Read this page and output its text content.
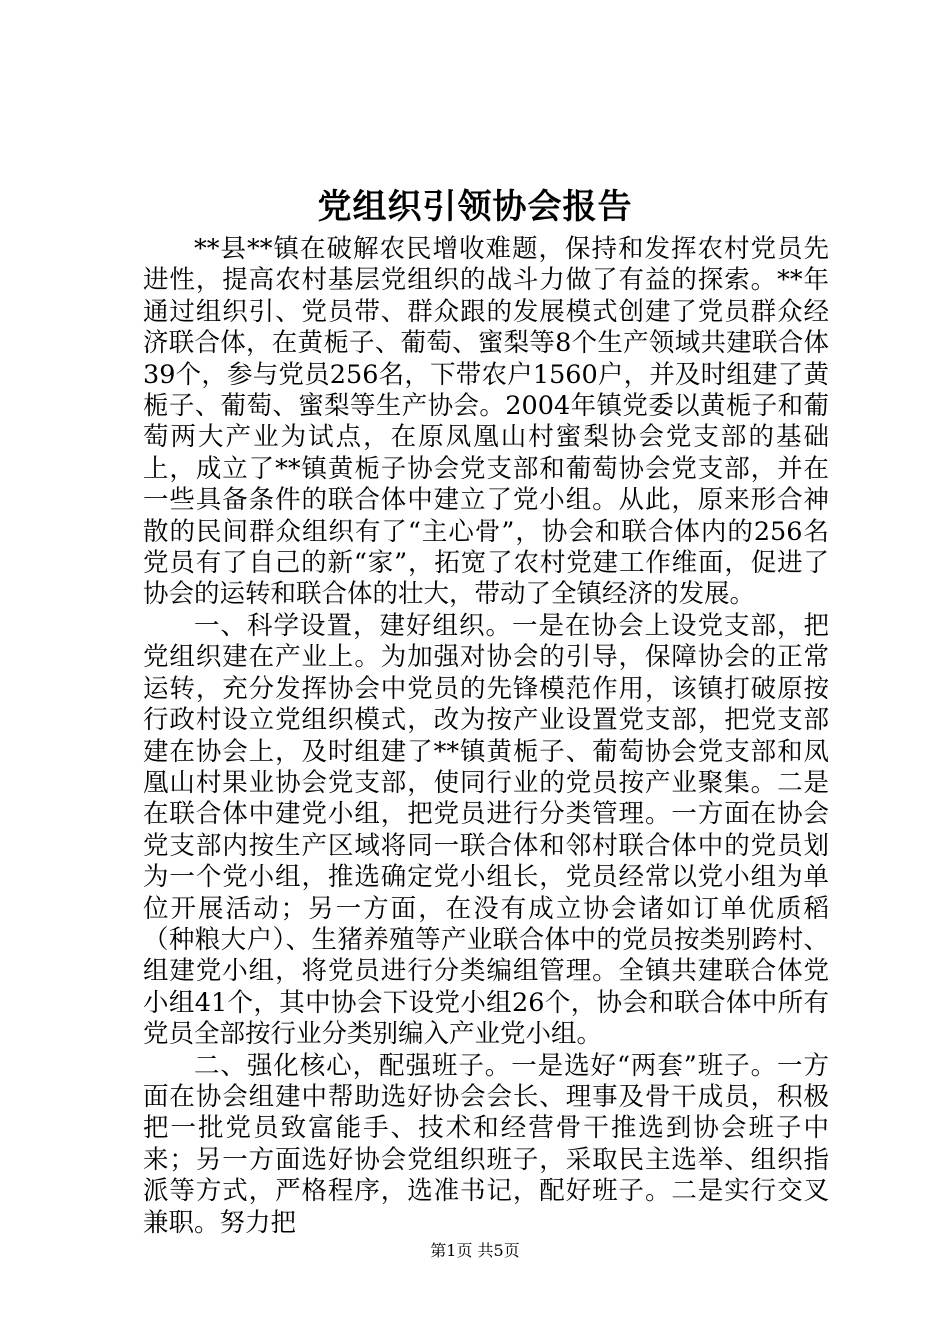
党组织引领协会报告

**县**镇在破解农民增收难题，保持和发挥农村党员先进性，提高农村基层党组织的战斗力做了有益的探索。**年通过组织引、党员带、群众跟的发展模式创建了党员群众经济联合体，在黄栀子、葡萄、蜜梨等8个生产领域共建联合体39个，参与党员256名，下带农户1560户，并及时组建了黄栀子、葡萄、蜜梨等生产协会。2004年镇党委以黄栀子和葡萄两大产业为试点，在原凤凰山村蜜梨协会党支部的基础上，成立了**镇黄栀子协会党支部和葡萄协会党支部，并在一些具备条件的联合体中建立了党小组。从此，原来形合神散的民间群众组织有了“主心骨”，协会和联合体内的256名党员有了自己的新“家”，拓宽了农村党建工作维面，促进了协会的运转和联合体的壮大，带动了全镇经济的发展。

一、科学设置，建好组织。一是在协会上设党支部，把党组织建在产业上。为加强对协会的引导，保障协会的正常运转，充分发挥协会中党员的先锋模范作用，该镇打破原按行政村设立党组织模式，改为按产业设置党支部，把党支部建在协会上，及时组建了**镇黄栀子、葡萄协会党支部和凤凰山村果业协会党支部，使同行业的党员按产业聚集。二是在联合体中建党小组，把党员进行分类管理。一方面在协会党支部内按生产区域将同一联合体和邻村联合体中的党员划为一个党小组，推选确定党小组长，党员经常以党小组为单位开展活动；另一方面，在没有成立协会诸如订单优质稻（种粮大户）、生猪养殖等产业联合体中的党员按类别跨村、组建党小组，将党员进行分类编组管理。全镇共建联合体党小组41个，其中协会下设党小组26个，协会和联合体中所有党员全部按行业分类别编入产业党小组。

二、强化核心，配强班子。一是选好“两套”班子。一方面在协会组建中帮助选好协会会长、理事及骨干成员，积极把一批党员致富能手、技术和经营骨干推选到协会班子中来；另一方面选好协会党组织班子，采取民主选举、组织指派等方式，严格程序，选准书记，配好班子。二是实行交叉兼职。努力把

第1页 共5页
